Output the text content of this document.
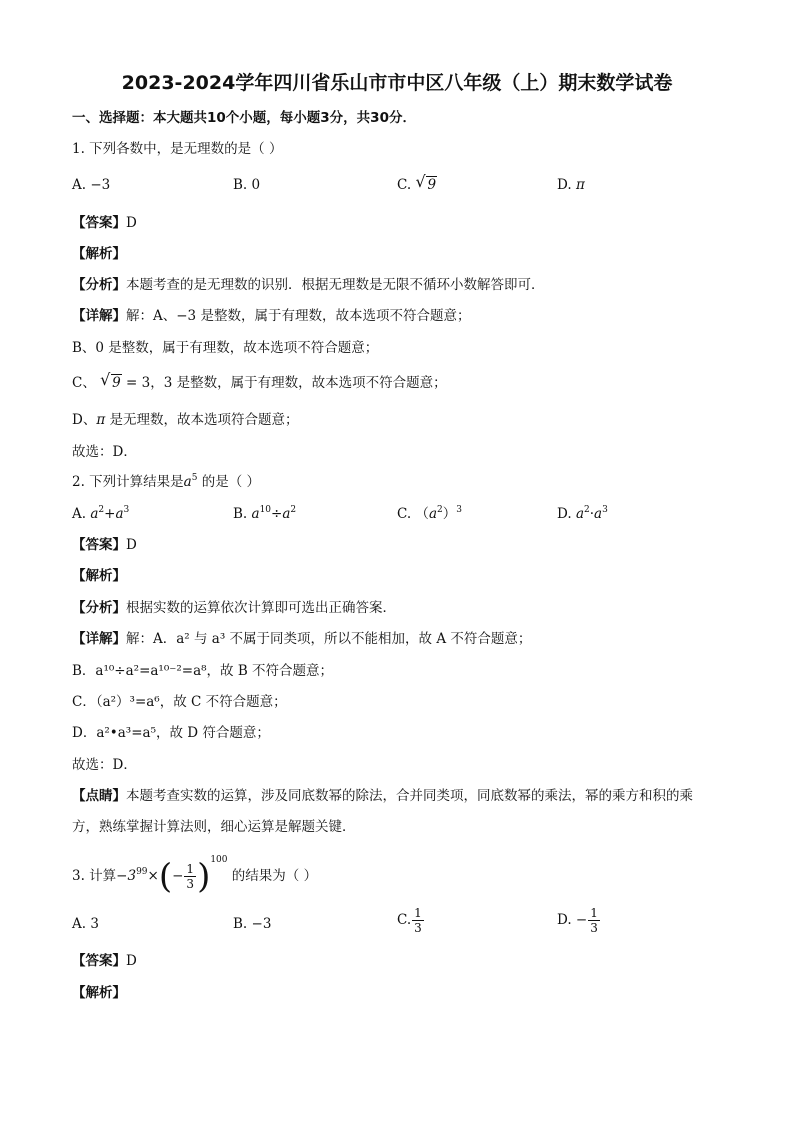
2023-2024学年四川省乐山市市中区八年级（上）期末数学试卷
一、选择题：本大题共10个小题，每小题3分，共30分．
1. 下列各数中，是无理数的是（ ）
A. −3	B. 0	C. √ 9	D. π
【答案】D
【解析】
【分析】本题考查的是无理数的识别．根据无理数是无限不循环小数解答即可．
【详解】解：A、−3 是整数，属于有理数，故本选项不符合题意；
B、0 是整数，属于有理数，故本选项不符合题意；
C、 √ 9 = 3，3 是整数，属于有理数，故本选项不符合题意；
D、π 是无理数，故本选项符合题意；
故选：D．
2. 下列计算结果是$a^5$ 的是（ ）
A. $a^2+a^3$	B. $a^{10}\div a^2$	C. $(a^2)^3$	D. $a^2\cdot a^3$
【答案】D
【解析】
【分析】根据实数的运算依次计算即可选出正确答案．
【详解】解：A．a² 与 a³ 不属于同类项，所以不能相加，故 A 不符合题意；
B．a¹⁰÷a²=a¹⁰⁻²=a⁸，故 B 不符合题意；
C．（a²）³=a⁶，故 C 不符合题意；
D．a²•a³=a⁵，故 D 符合题意；
故选：D．
【点睛】本题考查实数的运算，涉及同底数幂的除法，合并同类项，同底数幂的乘法，幂的乘方和积的乘
方，熟练掌握计算法则，细心运算是解题关键．
3. 计算$-3^{99}\times(- \frac{1}{3} )^{100}$ 的结果为（ ）
A. 3	B. −3	C. $\frac{1}{3}$	D. − $\frac{1}{3}$
【答案】D
【解析】
